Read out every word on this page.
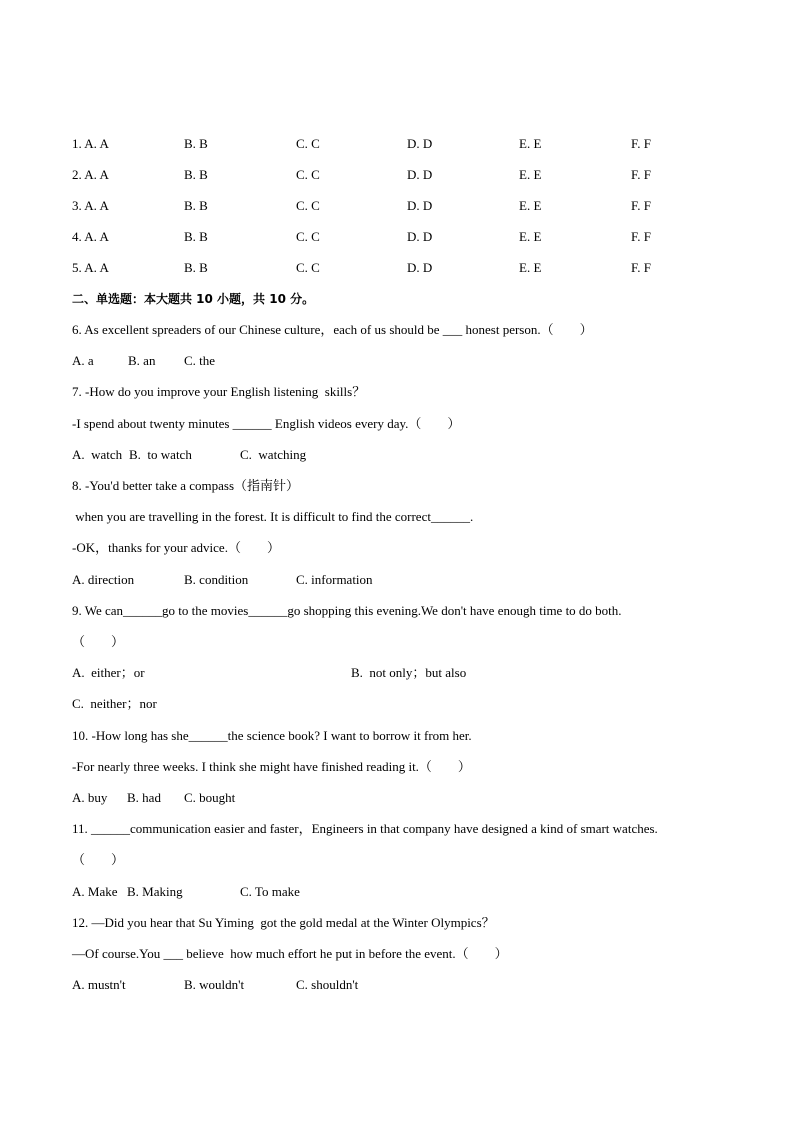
1. A. A	B. B	C. C	D. D	E. E	F. F
2. A. A	B. B	C. C	D. D	E. E	F. F
3. A. A	B. B	C. C	D. D	E. E	F. F
4. A. A	B. B	C. C	D. D	E. E	F. F
5. A. A	B. B	C. C	D. D	E. E	F. F
二、单选题：本大题共 10 小题，共 10 分。
6. As excellent spreaders of our Chinese culture，each of us should be ___ honest person.（        ）
A. a	B. an C. the
7. -How do you improve your English listening  skills？
-I spend about twenty minutes ______ English videos every day.（        ）
A.  watch B.  to watch	C.  watching
8. -You'd better take a compass（指南针）
when you are travelling in the forest. It is difficult to find the correct______.
-OK，thanks for your advice.（        ）
A. direction	B. condition	C. information
9. We can______go to the movies______go shopping this evening.We don't have enough time to do both.
（        ）
A.  either；or	B.  not only；but also
C.  neither；nor
10. -How long has she______the science book? I want to borrow it from her.
-For nearly three weeks. I think she might have finished reading it.（        ）
A. buy B. had C. bought
11. ______communication easier and faster，Engineers in that company have designed a kind of smart watches.
（        ）
A. Make B. Making	C. To make
12. —Did you hear that Su Yiming  got the gold medal at the Winter Olympics？
—Of course.You ___ believe  how much effort he put in before the event.（        ）
A. mustn't	B. wouldn't	C. shouldn't
